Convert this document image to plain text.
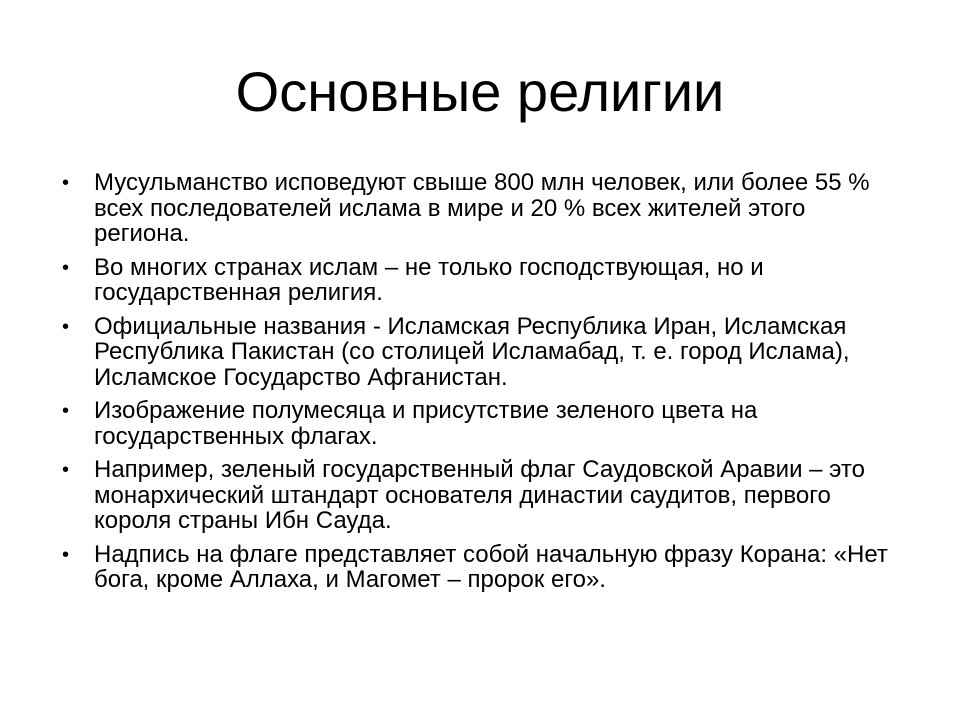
Основные религии
• Мусульманство исповедуют свыше 800 млн человек, или более 55 % всех последователей ислама в мире и 20 % всех жителей этого региона.
• Во многих странах ислам – не только господствующая, но и государственная религия.
• Официальные названия - Исламская Республика Иран, Исламская Республика Пакистан (со столицей Исламабад, т. е. город Ислама), Исламское Государство Афганистан.
• Изображение полумесяца и присутствие зеленого цвета на государственных флагах.
• Например, зеленый государственный флаг Саудовской Аравии – это монархический штандарт основателя династии саудитов, первого короля страны Ибн Сауда.
• Надпись на флаге представляет собой начальную фразу Корана: «Нет бога, кроме Аллаха, и Магомет – пророк его».
